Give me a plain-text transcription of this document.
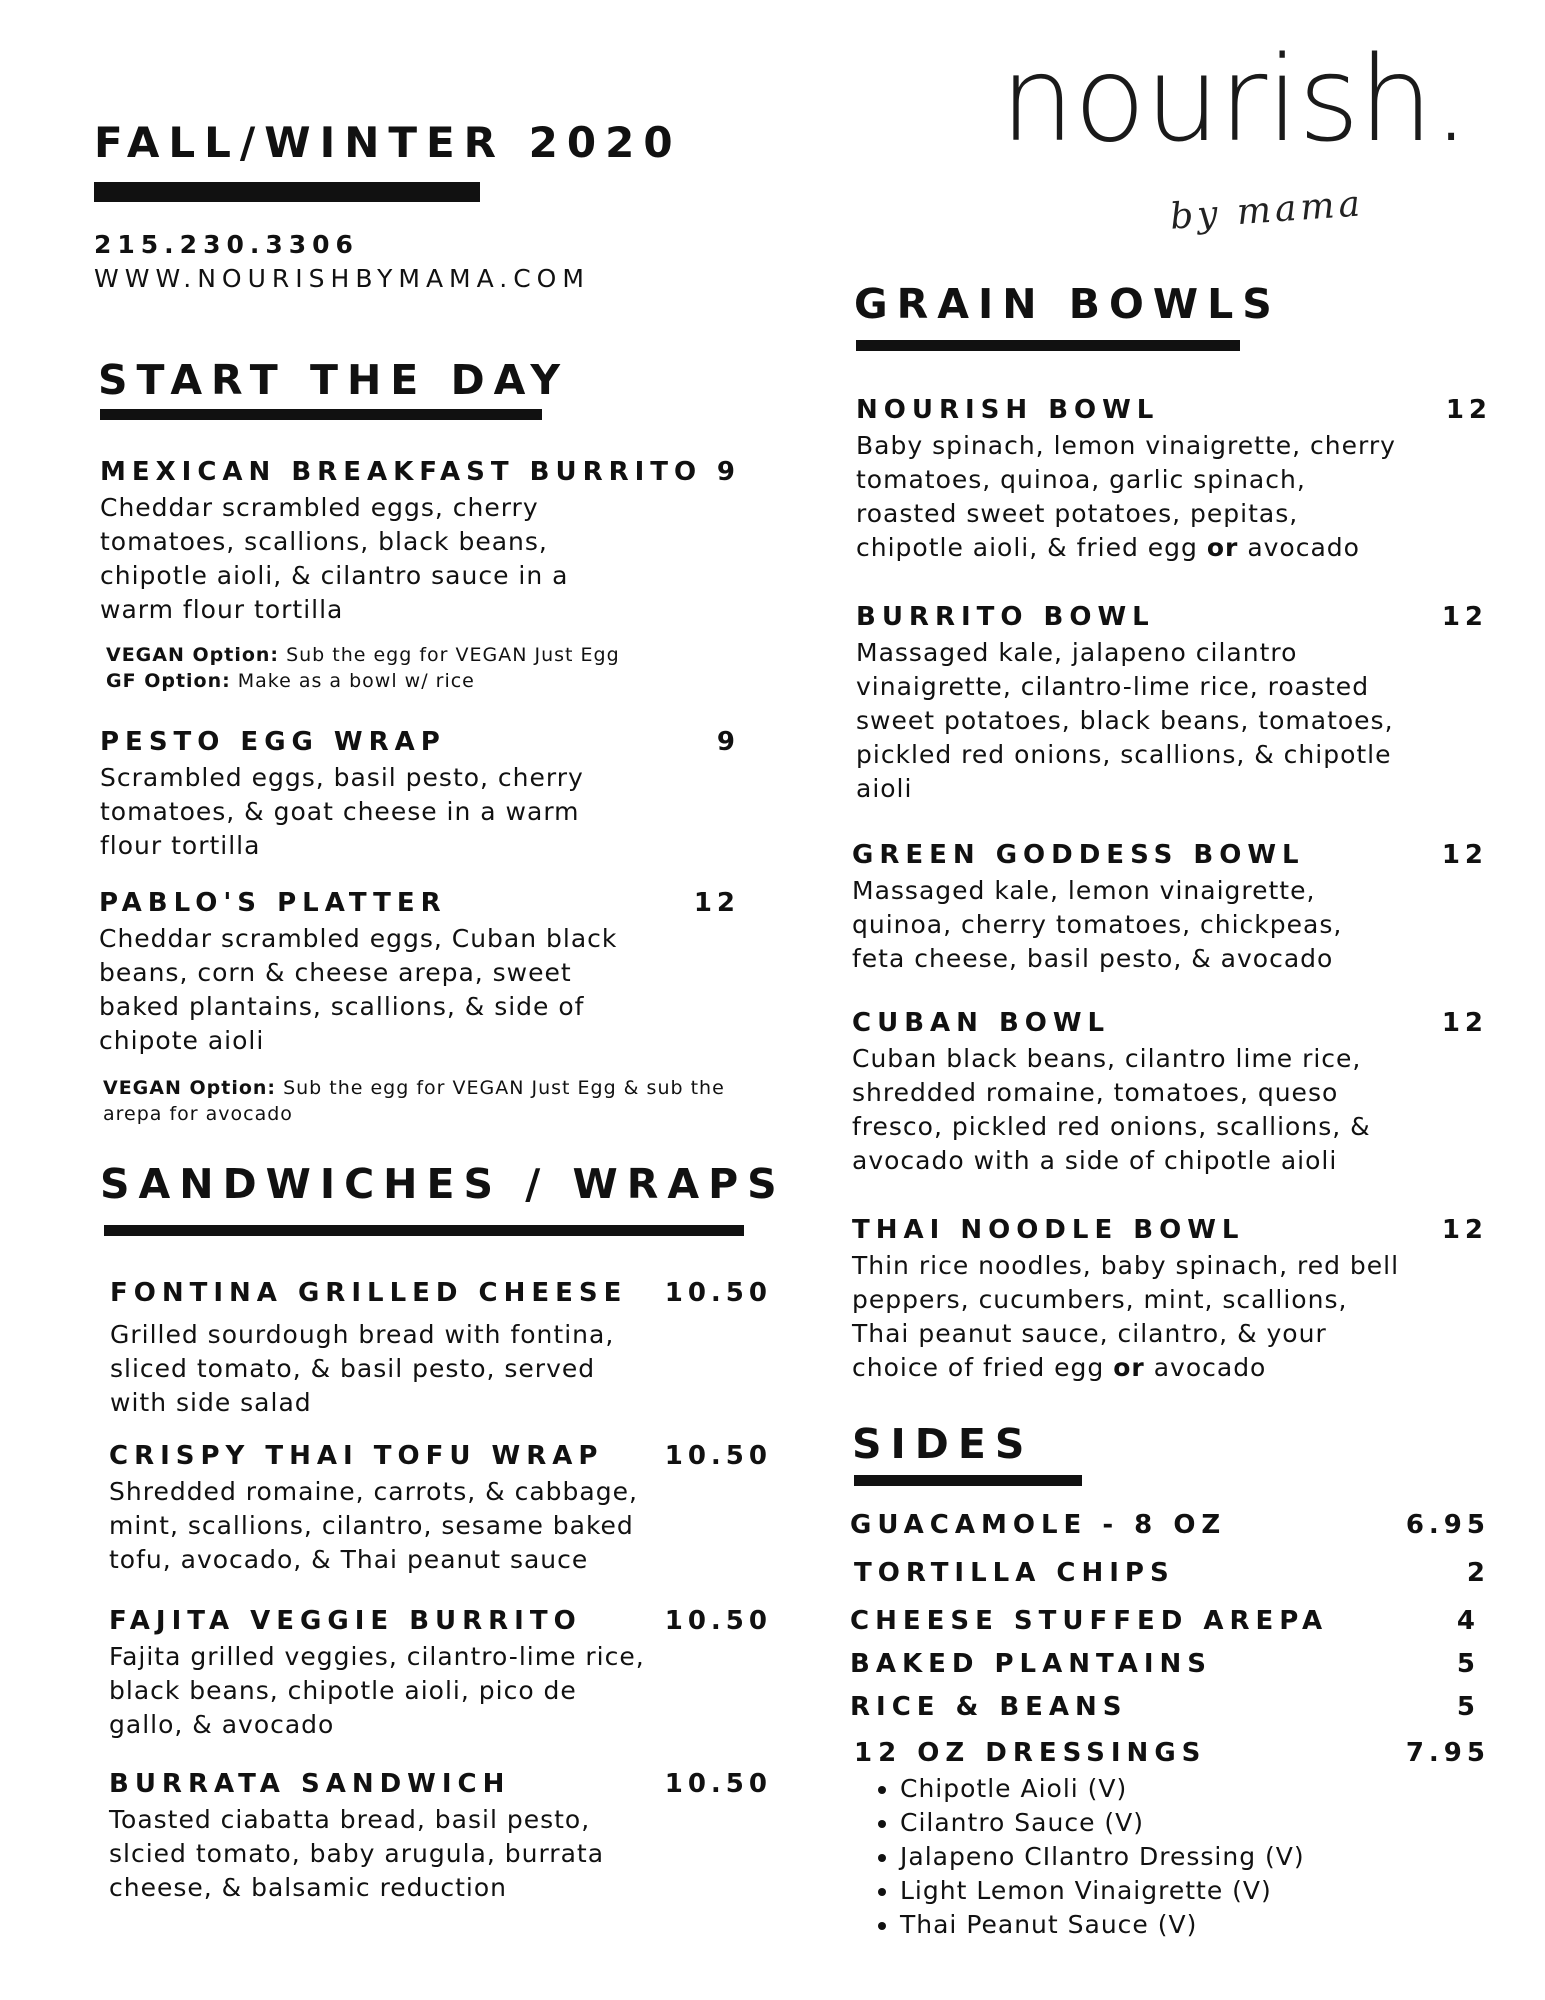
FALL/WINTER 2020
215.230.3306
WWW.NOURISHBYMAMA.COM
nourish.
by mama
START THE DAY
MEXICAN BREAKFAST BURRITO 9
Cheddar scrambled eggs, cherry tomatoes, scallions, black beans, chipotle aioli, & cilantro sauce in a warm flour tortilla
VEGAN Option: Sub the egg for VEGAN Just Egg
GF Option: Make as a bowl w/ rice
PESTO EGG WRAP	9
Scrambled eggs, basil pesto, cherry tomatoes, & goat cheese in a warm flour tortilla
PABLO'S PLATTER	12
Cheddar scrambled eggs, Cuban black beans, corn & cheese arepa, sweet baked plantains, scallions, & side of chipote aioli
VEGAN Option: Sub the egg for VEGAN Just Egg & sub the arepa for avocado
SANDWICHES / WRAPS
FONTINA GRILLED CHEESE	10.50
Grilled sourdough bread with fontina, sliced tomato, & basil pesto, served with side salad
CRISPY THAI TOFU WRAP	10.50
Shredded romaine, carrots, & cabbage, mint, scallions, cilantro, sesame baked tofu, avocado, & Thai peanut sauce
FAJITA VEGGIE BURRITO	10.50
Fajita grilled veggies, cilantro-lime rice, black beans, chipotle aioli, pico de gallo, & avocado
BURRATA SANDWICH	10.50
Toasted ciabatta bread, basil pesto, slcied tomato, baby arugula, burrata cheese, & balsamic reduction
GRAIN BOWLS
NOURISH BOWL	12
Baby spinach, lemon vinaigrette, cherry tomatoes, quinoa, garlic spinach, roasted sweet potatoes, pepitas, chipotle aioli, & fried egg or avocado
BURRITO BOWL	12
Massaged kale, jalapeno cilantro vinaigrette, cilantro-lime rice, roasted sweet potatoes, black beans, tomatoes, pickled red onions, scallions, & chipotle aioli
GREEN GODDESS BOWL	12
Massaged kale, lemon vinaigrette, quinoa, cherry tomatoes, chickpeas, feta cheese, basil pesto, & avocado
CUBAN BOWL	12
Cuban black beans, cilantro lime rice, shredded romaine, tomatoes, queso fresco, pickled red onions, scallions, & avocado with a side of chipotle aioli
THAI NOODLE BOWL	12
Thin rice noodles, baby spinach, red bell peppers, cucumbers, mint, scallions, Thai peanut sauce, cilantro, & your choice of fried egg or avocado
SIDES
GUACAMOLE - 8 OZ	6.95
TORTILLA CHIPS	2
CHEESE STUFFED AREPA	4
BAKED PLANTAINS	5
RICE & BEANS	5
12 OZ DRESSINGS	7.95
• Chipotle Aioli (V)
• Cilantro Sauce (V)
• Jalapeno CIlantro Dressing (V)
• Light Lemon Vinaigrette (V)
• Thai Peanut Sauce (V)
